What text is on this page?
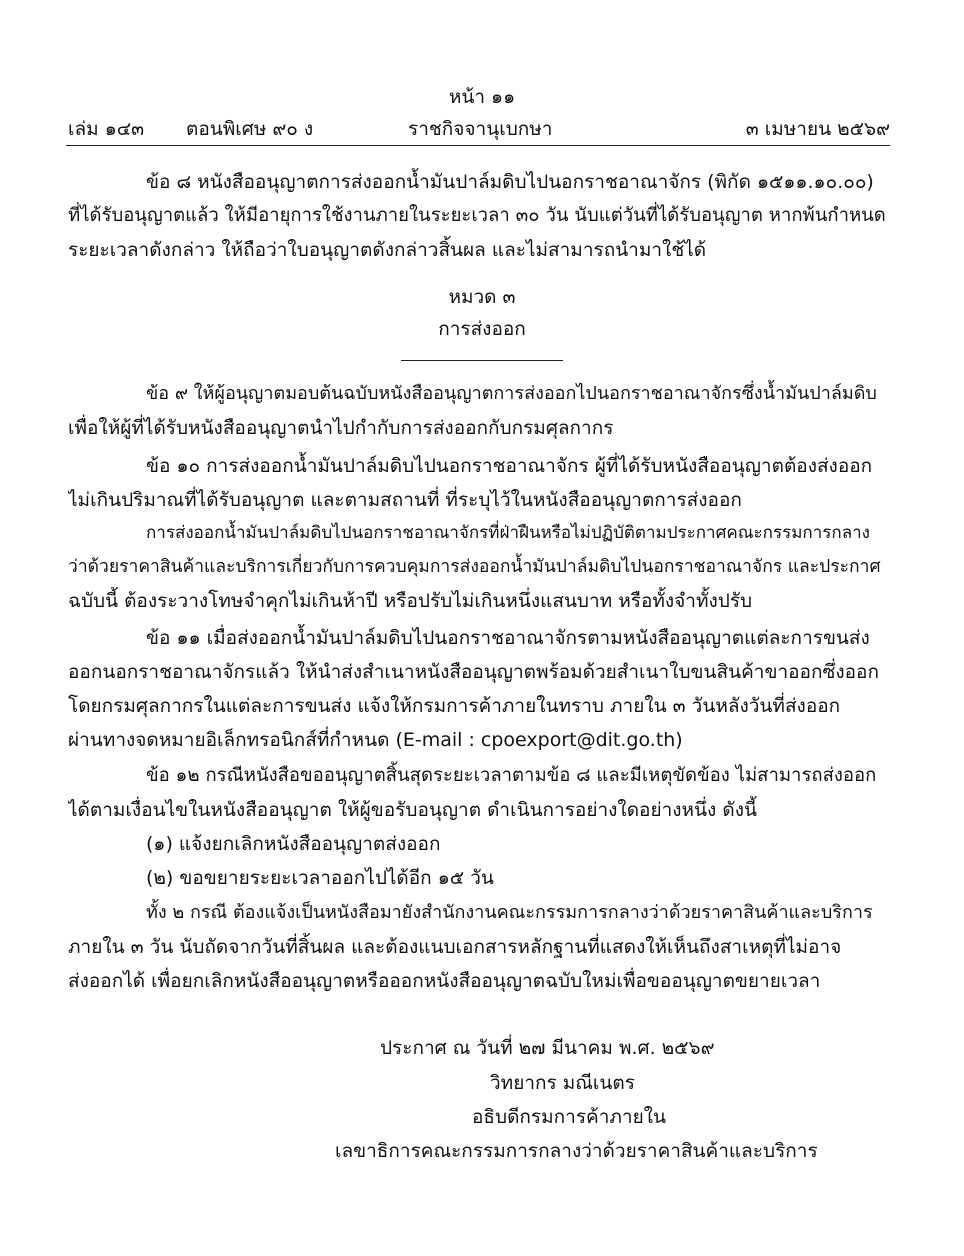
หน้า ๑๑
เล่ม ๑๔๓ ตอนพิเศษ ๙๐ ง	ราชกิจจานุเบกษา	๓ เมษายน ๒๕๖๙
ข้อ ๘ หนังสืออนุญาตการส่งออกน้ำมันปาล์มดิบไปนอกราชอาณาจักร (พิกัด ๑๕๑๑.๑๐.๐๐)
ที่ได้รับอนุญาตแล้ว ให้มีอายุการใช้งานภายในระยะเวลา ๓๐ วัน นับแต่วันที่ได้รับอนุญาต หากพ้นกำหนด
ระยะเวลาดังกล่าว ให้ถือว่าใบอนุญาตดังกล่าวสิ้นผล และไม่สามารถนำมาใช้ได้
หมวด ๓
การส่งออก
ข้อ ๙ ให้ผู้อนุญาตมอบต้นฉบับหนังสืออนุญาตการส่งออกไปนอกราชอาณาจักรซึ่งน้ำมันปาล์มดิบ
เพื่อให้ผู้ที่ได้รับหนังสืออนุญาตนำไปกำกับการส่งออกกับกรมศุลกากร
ข้อ ๑๐ การส่งออกน้ำมันปาล์มดิบไปนอกราชอาณาจักร ผู้ที่ได้รับหนังสืออนุญาตต้องส่งออก
ไม่เกินปริมาณที่ได้รับอนุญาต และตามสถานที่ ที่ระบุไว้ในหนังสืออนุญาตการส่งออก
การส่งออกน้ำมันปาล์มดิบไปนอกราชอาณาจักรที่ฝ่าฝืนหรือไม่ปฏิบัติตามประกาศคณะกรรมการกลาง
ว่าด้วยราคาสินค้าและบริการเกี่ยวกับการควบคุมการส่งออกน้ำมันปาล์มดิบไปนอกราชอาณาจักร และประกาศ
ฉบับนี้ ต้องระวางโทษจำคุกไม่เกินห้าปี หรือปรับไม่เกินหนึ่งแสนบาท หรือทั้งจำทั้งปรับ
ข้อ ๑๑ เมื่อส่งออกน้ำมันปาล์มดิบไปนอกราชอาณาจักรตามหนังสืออนุญาตแต่ละการขนส่ง
ออกนอกราชอาณาจักรแล้ว ให้นำส่งสำเนาหนังสืออนุญาตพร้อมด้วยสำเนาใบขนสินค้าขาออกซึ่งออก
โดยกรมศุลกากรในแต่ละการขนส่ง แจ้งให้กรมการค้าภายในทราบ ภายใน ๓ วันหลังวันที่ส่งออก
ผ่านทางจดหมายอิเล็กทรอนิกส์ที่กำหนด (E-mail : cpoexport@dit.go.th)
ข้อ ๑๒ กรณีหนังสือขออนุญาตสิ้นสุดระยะเวลาตามข้อ ๘ และมีเหตุขัดข้อง ไม่สามารถส่งออก
ได้ตามเงื่อนไขในหนังสืออนุญาต ให้ผู้ขอรับอนุญาต ดำเนินการอย่างใดอย่างหนึ่ง ดังนี้
(๑) แจ้งยกเลิกหนังสืออนุญาตส่งออก
(๒) ขอขยายระยะเวลาออกไปได้อีก ๑๕ วัน
ทั้ง ๒ กรณี ต้องแจ้งเป็นหนังสือมายังสำนักงานคณะกรรมการกลางว่าด้วยราคาสินค้าและบริการ
ภายใน ๓ วัน นับถัดจากวันที่สิ้นผล และต้องแนบเอกสารหลักฐานที่แสดงให้เห็นถึงสาเหตุที่ไม่อาจ
ส่งออกได้ เพื่อยกเลิกหนังสืออนุญาตหรือออกหนังสืออนุญาตฉบับใหม่เพื่อขออนุญาตขยายเวลา
ประกาศ ณ วันที่ ๒๗ มีนาคม พ.ศ. ๒๕๖๙
วิทยากร มณีเนตร
อธิบดีกรมการค้าภายใน
เลขาธิการคณะกรรมการกลางว่าด้วยราคาสินค้าและบริการ
